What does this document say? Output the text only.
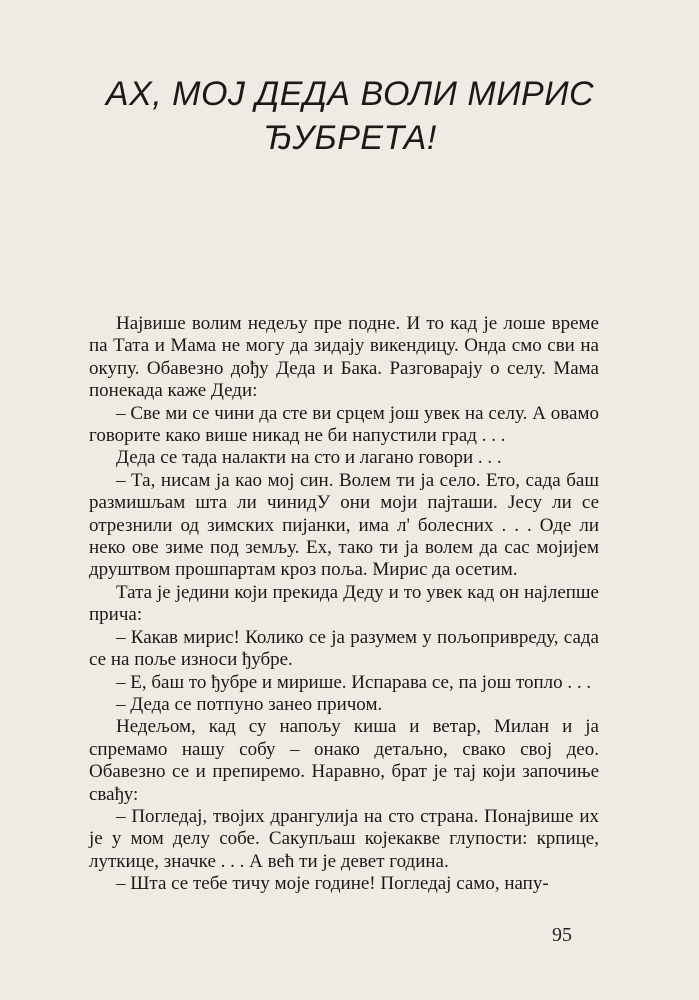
АХ, МОЈ ДЕДА ВОЛИ МИРИС
ЂУБРЕТА!

Највише волим недељу пре подне. И то кад је лоше време па Тата и Мама не могу да зидају викендицу. Онда смо сви на окупу. Обавезно дођу Деда и Бака. Разговарају о селу. Мама понекада каже Деди:

– Све ми се чини да сте ви срцем још увек на селу. А овамо говорите како више никад не би напустили град . . .

Деда се тада налакти на сто и лагано говори . . .

– Та, нисам ја као мој син. Волем ти ја село. Ето, сада баш размишљам шта ли чинидУ они моји пајташи. Јесу ли се отрезнили од зимских пијанки, има л' болесних . . . Оде ли неко ове зиме под земљу. Ех, тако ти ја волем да сас мојијем друштвом прошпартам кроз поља. Мирис да осетим.

Тата је једини који прекида Деду и то увек кад он најлепше прича:

– Какав мирис! Колико се ја разумем у пољопривреду, сада се на поље износи ђубре.

– Е, баш то ђубре и мирише. Испарава се, па још топло . . .

– Деда се потпуно занео причом.

Недељом, кад су напољу киша и ветар, Милан и ја спремамо нашу собу – онако детаљно, свако свој део. Обавезно се и препиремо. Наравно, брат је тај који започиње свађу:

– Погледај, твојих дрангулија на сто страна. Понајвише их је у мом делу собе. Сакупљаш којекакве глупости: крпице, луткице, значке . . . А већ ти је девет година.

– Шта се тебе тичу моје године! Погледај само, напу-

95
